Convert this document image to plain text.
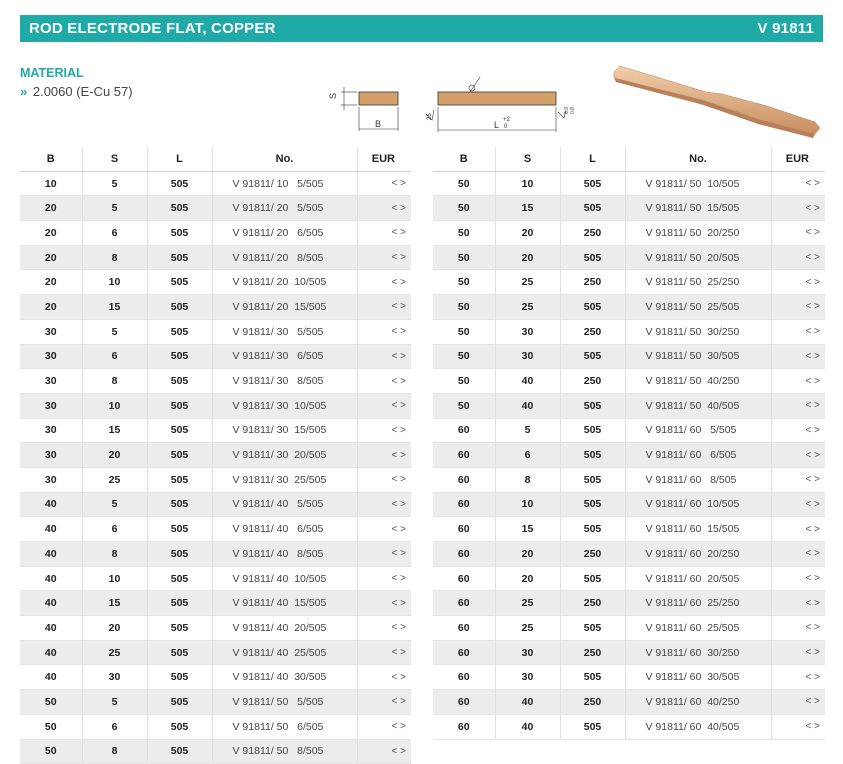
ROD ELECTRODE FLAT, COPPER	V 91811
MATERIAL
» 2.0060 (E-Cu 57)	S
B	L +2
0
25
6.3 0.8
B	S	L	No.	EUR
10	5	505	V 91811/ 10   5/505	< >
20	5	505	V 91811/ 20   5/505	< >
20	6	505	V 91811/ 20   6/505	< >
20	8	505	V 91811/ 20   8/505	< >
20	10	505	V 91811/ 20  10/505	< >
20	15	505	V 91811/ 20  15/505	< >
30	5	505	V 91811/ 30   5/505	< >
30	6	505	V 91811/ 30   6/505	< >
30	8	505	V 91811/ 30   8/505	< >
30	10	505	V 91811/ 30  10/505	< >
30	15	505	V 91811/ 30  15/505	< >
30	20	505	V 91811/ 30  20/505	< >
30	25	505	V 91811/ 30  25/505	< >
40	5	505	V 91811/ 40   5/505	< >
40	6	505	V 91811/ 40   6/505	< >
40	8	505	V 91811/ 40   8/505	< >
40	10	505	V 91811/ 40  10/505	< >
40	15	505	V 91811/ 40  15/505	< >
40	20	505	V 91811/ 40  20/505	< >
40	25	505	V 91811/ 40  25/505	< >
40	30	505	V 91811/ 40  30/505	< >
50	5	505	V 91811/ 50   5/505	< >
50	6	505	V 91811/ 50   6/505	< >
50	8	505	V 91811/ 50   8/505	< >
B	S	L	No.	EUR
50	10	505	V 91811/ 50  10/505	< >
50	15	505	V 91811/ 50  15/505	< >
50	20	250	V 91811/ 50  20/250	< >
50	20	505	V 91811/ 50  20/505	< >
50	25	250	V 91811/ 50  25/250	< >
50	25	505	V 91811/ 50  25/505	< >
50	30	250	V 91811/ 50  30/250	< >
50	30	505	V 91811/ 50  30/505	< >
50	40	250	V 91811/ 50  40/250	< >
50	40	505	V 91811/ 50  40/505	< >
60	5	505	V 91811/ 60   5/505	< >
60	6	505	V 91811/ 60   6/505	< >
60	8	505	V 91811/ 60   8/505	< >
60	10	505	V 91811/ 60  10/505	< >
60	15	505	V 91811/ 60  15/505	< >
60	20	250	V 91811/ 60  20/250	< >
60	20	505	V 91811/ 60  20/505	< >
60	25	250	V 91811/ 60  25/250	< >
60	25	505	V 91811/ 60  25/505	< >
60	30	250	V 91811/ 60  30/250	< >
60	30	505	V 91811/ 60  30/505	< >
60	40	250	V 91811/ 60  40/250	< >
60	40	505	V 91811/ 60  40/505	< >
